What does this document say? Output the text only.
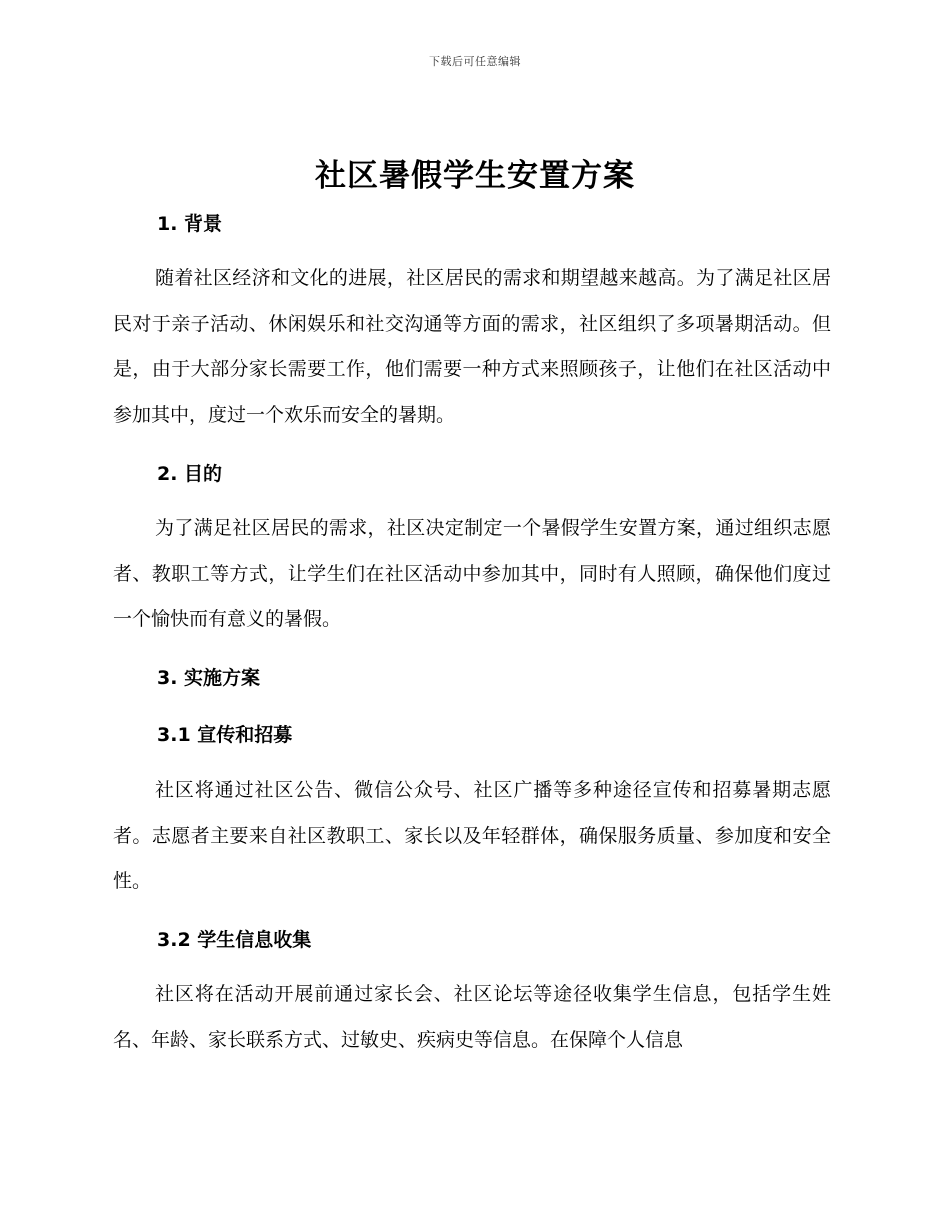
下载后可任意编辑
社区暑假学生安置方案
1. 背景
随着社区经济和文化的进展，社区居民的需求和期望越来越高。为了满足社区居民对于亲子活动、休闲娱乐和社交沟通等方面的需求，社区组织了多项暑期活动。但是，由于大部分家长需要工作，他们需要一种方式来照顾孩子，让他们在社区活动中参加其中，度过一个欢乐而安全的暑期。
2. 目的
为了满足社区居民的需求，社区决定制定一个暑假学生安置方案，通过组织志愿者、教职工等方式，让学生们在社区活动中参加其中，同时有人照顾，确保他们度过一个愉快而有意义的暑假。
3. 实施方案
3.1 宣传和招募
社区将通过社区公告、微信公众号、社区广播等多种途径宣传和招募暑期志愿者。志愿者主要来自社区教职工、家长以及年轻群体，确保服务质量、参加度和安全性。
3.2 学生信息收集
社区将在活动开展前通过家长会、社区论坛等途径收集学生信息，包括学生姓名、年龄、家长联系方式、过敏史、疾病史等信息。在保障个人信息
